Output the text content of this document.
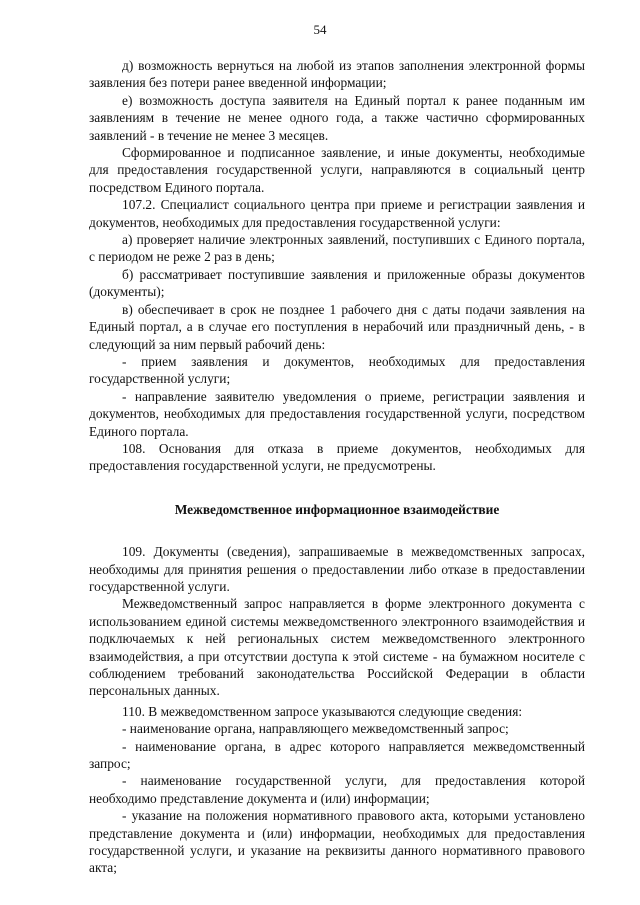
54

д) возможность вернуться на любой из этапов заполнения электронной формы заявления без потери ранее введенной информации;

е) возможность доступа заявителя на Единый портал к ранее поданным им заявлениям в течение не менее одного года, а также частично сформированных заявлений - в течение не менее 3 месяцев.

Сформированное и подписанное заявление, и иные документы, необходимые для предоставления государственной услуги, направляются в социальный центр посредством Единого портала.

107.2. Специалист социального центра при приеме и регистрации заявления и документов, необходимых для предоставления государственной услуги:

а) проверяет наличие электронных заявлений, поступивших с Единого портала, с периодом не реже 2 раз в день;

б) рассматривает поступившие заявления и приложенные образы документов (документы);

в) обеспечивает в срок не позднее 1 рабочего дня с даты подачи заявления на Единый портал, а в случае его поступления в нерабочий или праздничный день, - в следующий за ним первый рабочий день:

- прием заявления и документов, необходимых для предоставления государственной услуги;

- направление заявителю уведомления о приеме, регистрации заявления и документов, необходимых для предоставления государственной услуги, посредством Единого портала.

108. Основания для отказа в приеме документов, необходимых для предоставления государственной услуги, не предусмотрены.

Межведомственное информационное взаимодействие

109. Документы (сведения), запрашиваемые в межведомственных запросах, необходимы для принятия решения о предоставлении либо отказе в предоставлении государственной услуги.

Межведомственный запрос направляется в форме электронного документа с использованием единой системы межведомственного электронного взаимодействия и подключаемых к ней региональных систем межведомственного электронного взаимодействия, а при отсутствии доступа к этой системе - на бумажном носителе с соблюдением требований законодательства Российской Федерации в области персональных данных.

110. В межведомственном запросе указываются следующие сведения:

- наименование органа, направляющего межведомственный запрос;

- наименование органа, в адрес которого направляется межведомственный запрос;

- наименование государственной услуги, для предоставления которой необходимо представление документа и (или) информации;

- указание на положения нормативного правового акта, которыми установлено представление документа и (или) информации, необходимых для предоставления государственной услуги, и указание на реквизиты данного нормативного правового акта;
